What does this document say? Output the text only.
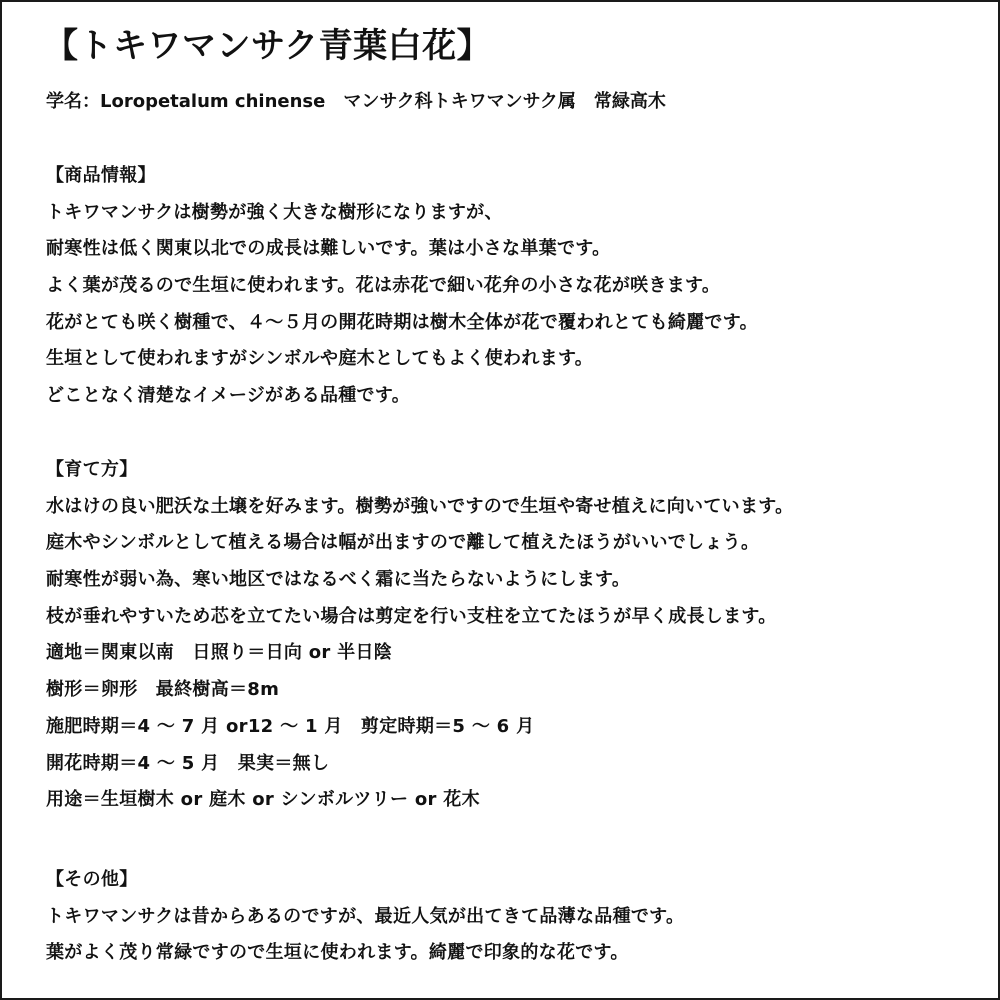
【トキワマンサク青葉白花】
学名：Loropetalum chinense　マンサク科トキワマンサク属　常緑高木
【商品情報】
トキワマンサクは樹勢が強く大きな樹形になりますが、
耐寒性は低く関東以北での成長は難しいです。葉は小さな単葉です。
よく葉が茂るので生垣に使われます。花は赤花で細い花弁の小さな花が咲きます。
花がとても咲く樹種で、４～５月の開花時期は樹木全体が花で覆われとても綺麗です。
生垣として使われますがシンボルや庭木としてもよく使われます。
どことなく清楚なイメージがある品種です。
【育て方】
水はけの良い肥沃な土壌を好みます。樹勢が強いですので生垣や寄せ植えに向いています。
庭木やシンボルとして植える場合は幅が出ますので離して植えたほうがいいでしょう。
耐寒性が弱い為、寒い地区ではなるべく霜に当たらないようにします。
枝が垂れやすいため芯を立てたい場合は剪定を行い支柱を立てたほうが早く成長します。
適地＝関東以南　日照り＝日向 or 半日陰
樹形＝卵形　最終樹高＝8m
施肥時期＝4 ～ 7 月 or12 ～ 1 月　剪定時期＝5 ～ 6 月
開花時期＝4 ～ 5 月　果実＝無し
用途＝生垣樹木 or 庭木 or シンボルツリー or 花木
【その他】
トキワマンサクは昔からあるのですが、最近人気が出てきて品薄な品種です。
葉がよく茂り常緑ですので生垣に使われます。綺麗で印象的な花です。
